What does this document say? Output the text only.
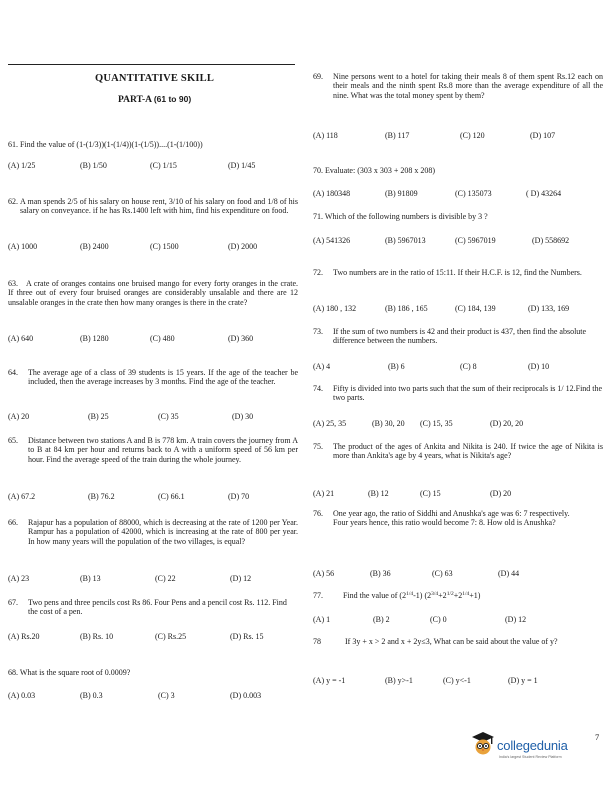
QUANTITATIVE SKILL
PART-A (61 to 90)
61. Find the value of (1-(1/3))(1-(1/4))(1-(1/5))....(1-(1/100))
(A) 1/25	(B) 1/50	(C) 1/15	(D) 1/45
62. A man spends 2/5 of his salary on house rent, 3/10 of his salary on food and 1/8 of his salary on conveyance. if he has Rs.1400 left with him, find his expenditure on food.
(A) 1000	(B) 2400	(C) 1500	(D) 2000
63.	A crate of oranges contains one bruised mango for every forty oranges in the crate. If three out of every four bruised oranges are considerably unsalable and there are 12 unsalable oranges in the crate then how many oranges is there in the crate?
(A) 640	(B) 1280	(C) 480	(D) 360
64. The average age of a class of 39 students is 15 years. If the age of the teacher be included, then the average increases by 3 months. Find the age of the teacher.
(A) 20	(B) 25	(C) 35	(D) 30
65. Distance between two stations A and B is 778 km. A train covers the journey from A to B at 84 km per hour and returns back to A with a uniform speed of 56 km per hour. Find the average speed of the train during the whole journey.
(A) 67.2	(B) 76.2	(C) 66.1	(D) 70
66. Rajapur has a population of 88000, which is decreasing at the rate of 1200 per Year. Rampur has a population of 42000, which is increasing at the rate of 800 per year. In how many years will the population of the two villages, is equal?
(A) 23	(B) 13	(C) 22	(D) 12
67. Two pens and three pencils cost Rs 86. Four Pens and a pencil cost Rs. 112. Find the cost of a pen.
(A) Rs.20	(B) Rs. 10	(C) Rs.25	(D) Rs. 15
68. What is the square root of 0.0009?
(A) 0.03	(B) 0.3	(C) 3	(D) 0.003
69. Nine persons went to a hotel for taking their meals 8 of them spent Rs.12 each on their meals and the ninth spent Rs.8 more than the average expenditure of all the nine. What was the total money spent by them?
(A) 118	(B) 117	(C) 120	(D) 107
70. Evaluate: (303 x 303 + 208 x 208)
(A) 180348	(B) 91809	(C) 135073	( D) 43264
71. Which of the following numbers is divisible by 3 ?
(A) 541326	(B) 5967013	(C) 5967019	(D) 558692
72. Two numbers are in the ratio of 15:11. If their H.C.F. is 12, find the Numbers.
(A) 180 , 132	(B) 186 , 165	(C) 184, 139	(D) 133, 169
73. If the sum of two numbers is 42 and their product is 437, then find the absolute difference between the numbers.
(A) 4	(B) 6	(C) 8	(D) 10
74. Fifty is divided into two parts such that the sum of their reciprocals is 1/ 12.Find the two parts.
(A) 25, 35	(B) 30, 20 (C) 15, 35	(D) 20, 20
75. The product of the ages of Ankita and Nikita is 240. If twice the age of Nikita is more than Ankita's age by 4 years, what is Nikita's age?
(A) 21	(B) 12	(C) 15	(D) 20
76. One year ago, the ratio of Siddhi and Anushka's age was 6: 7 respectively.
Four years hence, this ratio would become 7: 8. How old is Anushka?
(A) 56	(B) 36	(C) 63	(D) 44
77.	Find the value of $(2^{1/4}-1)$ $(2^{3/4}+2^{1/2}+2^{1/4}+1)$
(A) 1	(B) 2	(C) 0	(D) 12
78	If 3y + x > 2 and x + 2y≤3, What can be said about the value of y?
(A) y = -1	(B) y>-1	(C) y<-1	(D) y = 1
collegedunia
India's largest Student Review Platform
7
